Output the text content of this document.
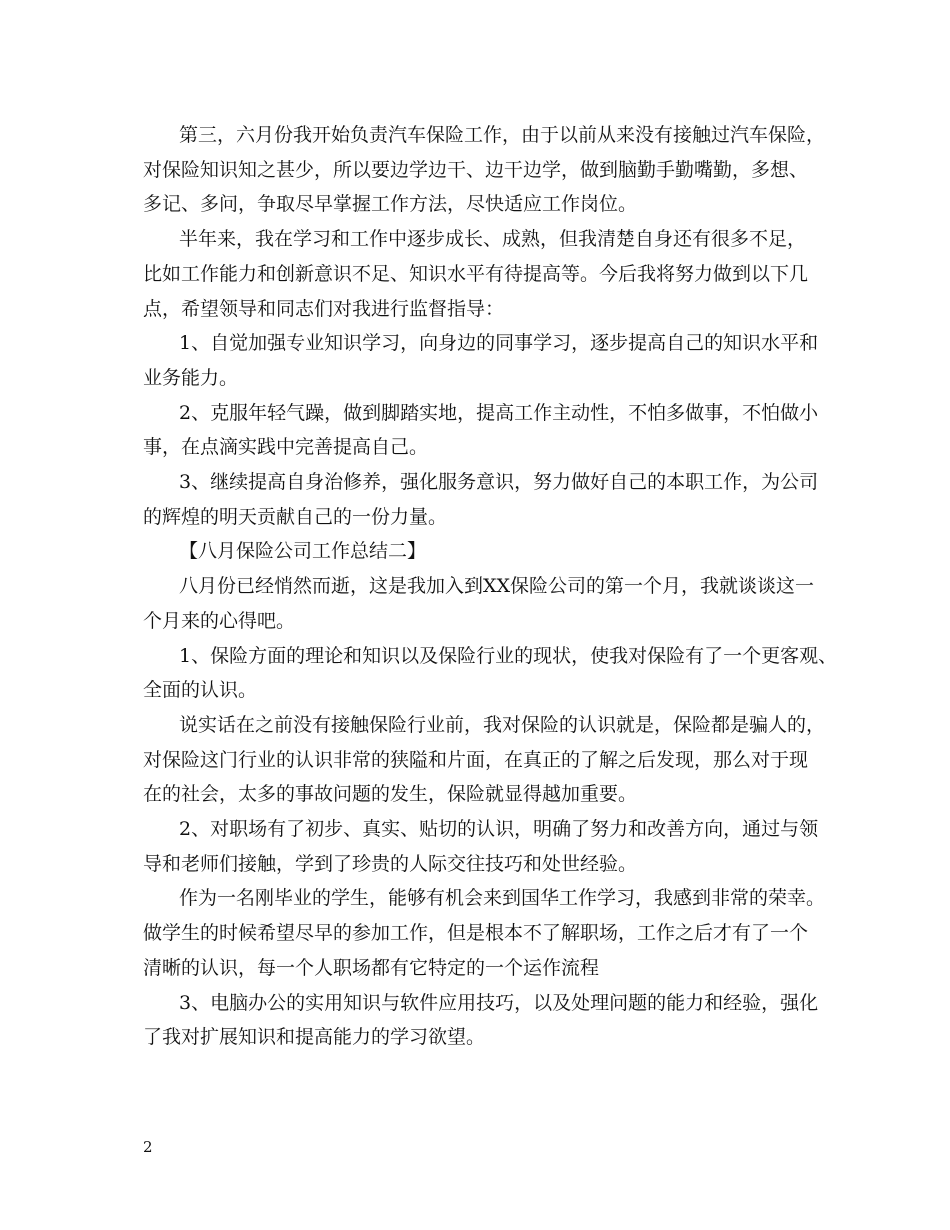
第三，六月份我开始负责汽车保险工作，由于以前从来没有接触过汽车保险，
对保险知识知之甚少，所以要边学边干、边干边学，做到脑勤手勤嘴勤，多想、
多记、多问，争取尽早掌握工作方法，尽快适应工作岗位。

半年来，我在学习和工作中逐步成长、成熟，但我清楚自身还有很多不足，
比如工作能力和创新意识不足、知识水平有待提高等。今后我将努力做到以下几
点，希望领导和同志们对我进行监督指导：

1、自觉加强专业知识学习，向身边的同事学习，逐步提高自己的知识水平和
业务能力。

2、克服年轻气躁，做到脚踏实地，提高工作主动性，不怕多做事，不怕做小
事，在点滴实践中完善提高自己。

3、继续提高自身治修养，强化服务意识，努力做好自己的本职工作，为公司
的辉煌的明天贡献自己的一份力量。

【八月保险公司工作总结二】

八月份已经悄然而逝，这是我加入到XX保险公司的第一个月，我就谈谈这一
个月来的心得吧。

1、保险方面的理论和知识以及保险行业的现状，使我对保险有了一个更客观、
全面的认识。

说实话在之前没有接触保险行业前，我对保险的认识就是，保险都是骗人的，
对保险这门行业的认识非常的狭隘和片面，在真正的了解之后发现，那么对于现
在的社会，太多的事故问题的发生，保险就显得越加重要。

2、对职场有了初步、真实、贴切的认识，明确了努力和改善方向，通过与领
导和老师们接触，学到了珍贵的人际交往技巧和处世经验。

作为一名刚毕业的学生，能够有机会来到国华工作学习，我感到非常的荣幸。
做学生的时候希望尽早的参加工作，但是根本不了解职场，工作之后才有了一个
清晰的认识，每一个人职场都有它特定的一个运作流程

3、电脑办公的实用知识与软件应用技巧，以及处理问题的能力和经验，强化
了我对扩展知识和提高能力的学习欲望。

2
